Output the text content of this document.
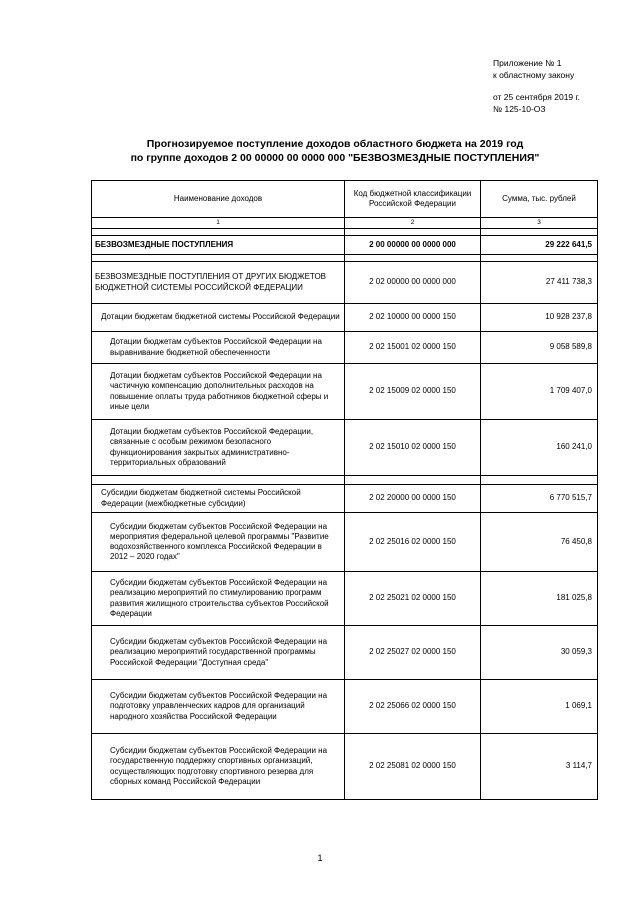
Приложение № 1
к областному закону
от 25 сентября 2019 г.
№ 125-10-ОЗ
Прогнозируемое поступление доходов областного бюджета на 2019 год
по группе доходов 2 00 00000 00 0000 000 "БЕЗВОЗМЕЗДНЫЕ ПОСТУПЛЕНИЯ"
Наименование доходов	Код бюджетной классификации Российской Федерации	Сумма, тыс. рублей
1	2	3

БЕЗВОЗМЕЗДНЫЕ ПОСТУПЛЕНИЯ	2 00 00000 00 0000 000	29 222 641,5

БЕЗВОЗМЕЗДНЫЕ ПОСТУПЛЕНИЯ ОТ ДРУГИХ БЮДЖЕТОВ БЮДЖЕТНОЙ СИСТЕМЫ РОССИЙСКОЙ ФЕДЕРАЦИИ	2 02 00000 00 0000 000	27 411 738,3
Дотации бюджетам бюджетной системы Российской Федерации	2 02 10000 00 0000 150	10 928 237,8
Дотации бюджетам субъектов Российской Федерации на выравнивание бюджетной обеспеченности	2 02 15001 02 0000 150	9 058 589,8
Дотации бюджетам субъектов Российской Федерации на частичную компенсацию дополнительных расходов на повышение оплаты труда работников бюджетной сферы и иные цели	2 02 15009 02 0000 150	1 709 407,0
Дотации бюджетам субъектов Российской Федерации, связанные с особым режимом безопасного функционирования закрытых административно-территориальных образований	2 02 15010 02 0000 150	160 241,0

Субсидии бюджетам бюджетной системы Российской Федерации (межбюджетные субсидии)	2 02 20000 00 0000 150	6 770 515,7
Субсидии бюджетам субъектов Российской Федерации на мероприятия федеральной целевой программы "Развитие водохозяйственного комплекса Российской Федерации в 2012 – 2020 годах"	2 02 25016 02 0000 150	76 450,8
Субсидии бюджетам субъектов Российской Федерации на реализацию мероприятий по стимулированию программ развития жилищного строительства субъектов Российской Федерации	2 02 25021 02 0000 150	181 025,8
Субсидии бюджетам субъектов Российской Федерации на реализацию мероприятий государственной программы Российской Федерации "Доступная среда"	2 02 25027 02 0000 150	30 059,3
Субсидии бюджетам субъектов Российской Федерации на подготовку управленческих кадров для организаций народного хозяйства Российской Федерации	2 02 25066 02 0000 150	1 069,1
Субсидии бюджетам субъектов Российской Федерации на государственную поддержку спортивных организаций, осуществляющих подготовку спортивного резерва для сборных команд Российской Федерации	2 02 25081 02 0000 150	3 114,7
1
